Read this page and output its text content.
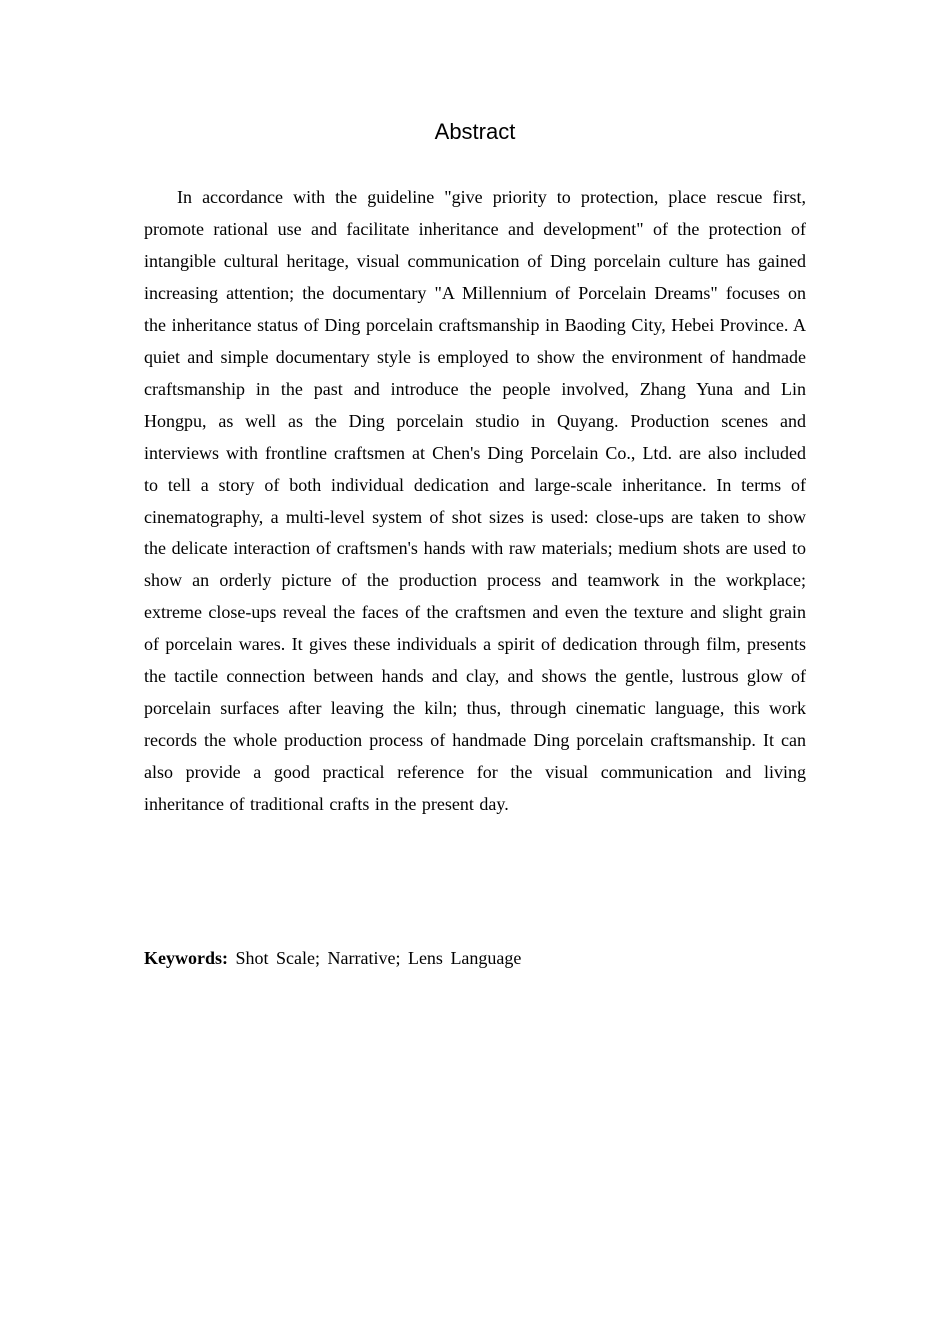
Abstract

In accordance with the guideline "give priority to protection, place rescue first, promote rational use and facilitate inheritance and development" of the protection of intangible cultural heritage, visual communication of Ding porcelain culture has gained increasing attention; the documentary "A Millennium of Porcelain Dreams" focuses on the inheritance status of Ding porcelain craftsmanship in Baoding City, Hebei Province. A quiet and simple documentary style is employed to show the environment of handmade craftsmanship in the past and introduce the people involved, Zhang Yuna and Lin Hongpu, as well as the Ding porcelain studio in Quyang. Production scenes and interviews with frontline craftsmen at Chen's Ding Porcelain Co., Ltd. are also included to tell a story of both individual dedication and large-scale inheritance. In terms of cinematography, a multi-level system of shot sizes is used: close-ups are taken to show the delicate interaction of craftsmen's hands with raw materials; medium shots are used to show an orderly picture of the production process and teamwork in the workplace; extreme close-ups reveal the faces of the craftsmen and even the texture and slight grain of porcelain wares. It gives these individuals a spirit of dedication through film, presents the tactile connection between hands and clay, and shows the gentle, lustrous glow of porcelain surfaces after leaving the kiln; thus, through cinematic language, this work records the whole production process of handmade Ding porcelain craftsmanship. It can also provide a good practical reference for the visual communication and living inheritance of traditional crafts in the present day.

Keywords: Shot Scale; Narrative; Lens Language
